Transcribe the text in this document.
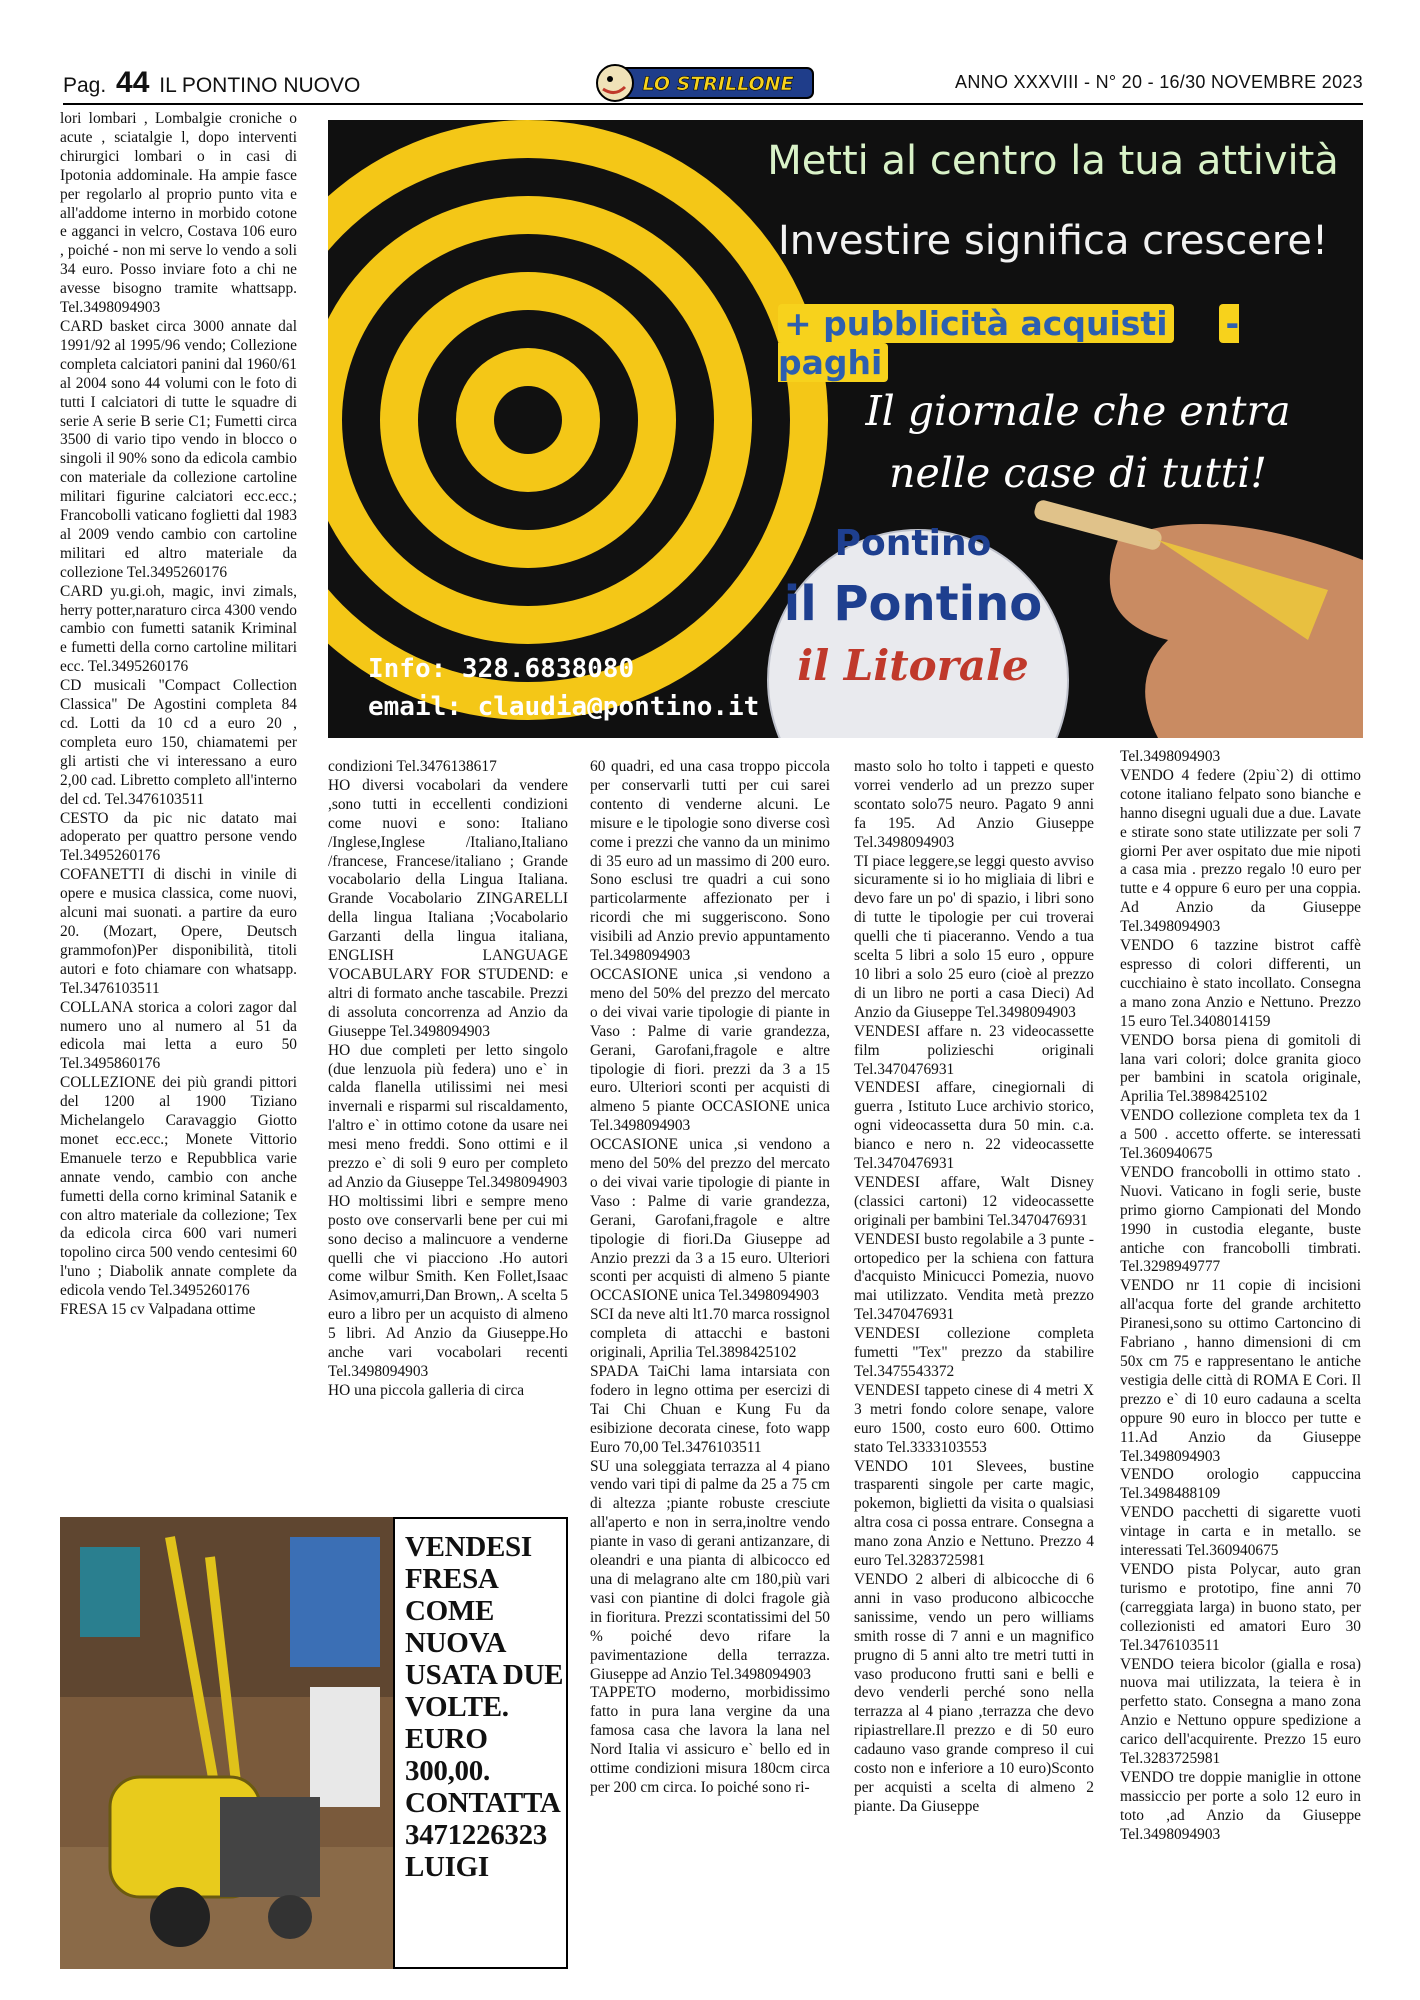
Pag. 44 IL PONTINO NUOVO	LO STRILLONE	ANNO XXXVIII - N° 20 - 16/30 NOVEMBRE 2023

lori lombari , Lombalgie croniche o acute , sciatalgie l, dopo interventi chirurgici lombari o in casi di Ipotonia addominale. Ha ampie fasce per regolarlo al proprio punto vita e all'addome interno in morbido cotone e agganci in velcro, Costava 106 euro , poiché - non mi serve lo vendo a soli 34 euro. Posso inviare foto a chi ne avesse bisogno tramite whattsapp. Tel.3498094903

CARD basket circa 3000 annate dal 1991/92 al 1995/96 vendo; Collezione completa calciatori panini dal 1960/61 al 2004 sono 44 volumi con le foto di tutti I calciatori di tutte le squadre di serie A serie B serie C1; Fumetti circa 3500 di vario tipo vendo in blocco o singoli il 90% sono da edicola cambio con materiale da collezione cartoline militari figurine calciatori ecc.ecc.; Francobolli vaticano foglietti dal 1983 al 2009 vendo cambio con cartoline militari ed altro materiale da collezione Tel.3495260176

CARD yu.gi.oh, magic, invi zimals, herry potter,naraturo circa 4300 vendo cambio con fumetti satanik Kriminal e fumetti della corno cartoline militari ecc. Tel.3495260176

CD musicali "Compact Collection Classica" De Agostini completa 84 cd. Lotti da 10 cd a euro 20 , completa euro 150, chiamatemi per gli artisti che vi interessano a euro 2,00 cad. Libretto completo all'interno del cd. Tel.3476103511

CESTO da pic nic datato mai adoperato per quattro persone vendo Tel.3495260176

COFANETTI di dischi in vinile di opere e musica classica, come nuovi, alcuni mai suonati. a partire da euro 20. (Mozart, Opere, Deutsch grammofon)Per disponibilità, titoli autori e foto chiamare con whatsapp. Tel.3476103511

COLLANA storica a colori zagor dal numero uno al numero al 51 da edicola mai letta a euro 50 Tel.3495860176

COLLEZIONE dei più grandi pittori del 1200 al 1900 Tiziano Michelangelo Caravaggio Giotto monet ecc.ecc.; Monete Vittorio Emanuele terzo e Repubblica varie annate vendo, cambio con anche fumetti della corno kriminal Satanik e con altro materiale da collezione; Tex da edicola circa 600 vari numeri topolino circa 500 vendo centesimi 60 l'uno ; Diabolik annate complete da edicola vendo Tel.3495260176

FRESA 15 cv Valpadana ottime

Pontino
il Pontino
il Litorale
Metti al centro la tua attività
Investire significa crescere!
+ pubblicità acquisti - paghi
Il giornale che entra
nelle case di tutti!
Info: 328.6838080
email: claudia@pontino.it

condizioni Tel.3476138617

HO diversi vocabolari da vendere ,sono tutti in eccellenti condizioni come nuovi e sono: Italiano /Inglese,Inglese /Italiano,Italiano /francese, Francese/italiano ; Grande vocabolario della Lingua Italiana. Grande Vocabolario ZINGARELLI della lingua Italiana ;Vocabolario Garzanti della lingua italiana, ENGLISH LANGUAGE VOCABULARY FOR STUDEND: e altri di formato anche tascabile. Prezzi di assoluta concorrenza ad Anzio da Giuseppe Tel.3498094903

HO due completi per letto singolo (due lenzuola più federa) uno e` in calda flanella utilissimi nei mesi invernali e risparmi sul riscaldamento, l'altro e` in ottimo cotone da usare nei mesi meno freddi. Sono ottimi e il prezzo e` di soli 9 euro per completo ad Anzio da Giuseppe Tel.3498094903

HO moltissimi libri e sempre meno posto ove conservarli bene per cui mi sono deciso a malincuore a venderne quelli che vi piacciono .Ho autori come wilbur Smith. Ken Follet,Isaac Asimov,amurri,Dan Brown,. A scelta 5 euro a libro per un acquisto di almeno 5 libri. Ad Anzio da Giuseppe.Ho anche vari vocabolari recenti Tel.3498094903

HO una piccola galleria di circa

60 quadri, ed una casa troppo piccola per conservarli tutti per cui sarei contento di venderne alcuni. Le misure e le tipologie sono diverse così come i prezzi che vanno da un minimo di 35 euro ad un massimo di 200 euro. Sono esclusi tre quadri a cui sono particolarmente affezionato per i ricordi che mi suggeriscono. Sono visibili ad Anzio previo appuntamento Tel.3498094903

OCCASIONE unica ,si vendono a meno del 50% del prezzo del mercato o dei vivai varie tipologie di piante in Vaso : Palme di varie grandezza, Gerani, Garofani,fragole e altre tipologie di fiori. prezzi da 3 a 15 euro. Ulteriori sconti per acquisti di almeno 5 piante OCCASIONE unica Tel.3498094903

OCCASIONE unica ,si vendono a meno del 50% del prezzo del mercato o dei vivai varie tipologie di piante in Vaso : Palme di varie grandezza, Gerani, Garofani,fragole e altre tipologie di fiori.Da Giuseppe ad Anzio prezzi da 3 a 15 euro. Ulteriori sconti per acquisti di almeno 5 piante OCCASIONE unica Tel.3498094903

SCI da neve alti lt1.70 marca rossignol completa di attacchi e bastoni originali, Aprilia Tel.3898425102

SPADA TaiChi lama intarsiata con fodero in legno ottima per esercizi di Tai Chi Chuan e Kung Fu da esibizione decorata cinese, foto wapp Euro 70,00 Tel.3476103511

SU una soleggiata terrazza al 4 piano vendo vari tipi di palme da 25 a 75 cm di altezza ;piante robuste cresciute all'aperto e non in serra,inoltre vendo piante in vaso di gerani antizanzare, di oleandri e una pianta di albicocco ed una di melagrano alte cm 180,più vari vasi con piantine di dolci fragole già in fioritura. Prezzi scontatissimi del 50 % poiché devo rifare la pavimentazione della terrazza. Giuseppe ad Anzio Tel.3498094903

TAPPETO moderno, morbidissimo fatto in pura lana vergine da una famosa casa che lavora la lana nel Nord Italia vi assicuro e` bello ed in ottime condizioni misura 180cm circa per 200 cm circa. Io poiché sono ri-

masto solo ho tolto i tappeti e questo vorrei venderlo ad un prezzo super scontato solo75 neuro. Pagato 9 anni fa 195. Ad Anzio Giuseppe Tel.3498094903

TI piace leggere,se leggi questo avviso sicuramente si io ho migliaia di libri e devo fare un po' di spazio, i libri sono di tutte le tipologie per cui troverai quelli che ti piaceranno. Vendo a tua scelta 5 libri a solo 15 euro , oppure 10 libri a solo 25 euro (cioè al prezzo di un libro ne porti a casa Dieci) Ad Anzio da Giuseppe Tel.3498094903

VENDESI affare n. 23 videocassette film polizieschi originali Tel.3470476931

VENDESI affare, cinegiornali di guerra , Istituto Luce archivio storico, ogni videocassetta dura 50 min. c.a. bianco e nero n. 22 videocassette Tel.3470476931

VENDESI affare, Walt Disney (classici cartoni) 12 videocassette originali per bambini Tel.3470476931

VENDESI busto regolabile a 3 punte - ortopedico per la schiena con fattura d'acquisto Minicucci Pomezia, nuovo mai utilizzato. Vendita metà prezzo Tel.3470476931

VENDESI collezione completa fumetti "Tex" prezzo da stabilire Tel.3475543372

VENDESI tappeto cinese di 4 metri X 3 metri fondo colore senape, valore euro 1500, costo euro 600. Ottimo stato Tel.3333103553

VENDO 101 Slevees, bustine trasparenti singole per carte magic, pokemon, biglietti da visita o qualsiasi altra cosa ci possa entrare. Consegna a mano zona Anzio e Nettuno. Prezzo 4 euro Tel.3283725981

VENDO 2 alberi di albicocche di 6 anni in vaso producono albicocche sanissime, vendo un pero williams smith rosse di 7 anni e un magnifico prugno di 5 anni alto tre metri tutti in vaso producono frutti sani e belli e devo venderli perché sono nella terrazza al 4 piano ,terrazza che devo ripiastrellare.Il prezzo e di 50 euro cadauno vaso grande compreso il cui costo non e inferiore a 10 euro)Sconto per acquisti a scelta di almeno 2 piante. Da Giuseppe

Tel.3498094903

VENDO 4 federe (2piu`2) di ottimo cotone italiano felpato sono bianche e hanno disegni uguali due a due. Lavate e stirate sono state utilizzate per soli 7 giorni Per aver ospitato due mie nipoti a casa mia . prezzo regalo !0 euro per tutte e 4 oppure 6 euro per una coppia. Ad Anzio da Giuseppe Tel.3498094903

VENDO 6 tazzine bistrot caffè espresso di colori differenti, un cucchiaino è stato incollato. Consegna a mano zona Anzio e Nettuno. Prezzo 15 euro Tel.3408014159

VENDO borsa piena di gomitoli di lana vari colori; dolce granita gioco per bambini in scatola originale, Aprilia Tel.3898425102

VENDO collezione completa tex da 1 a 500 . accetto offerte. se interessati Tel.360940675

VENDO francobolli in ottimo stato . Nuovi. Vaticano in fogli serie, buste primo giorno Campionati del Mondo 1990 in custodia elegante, buste antiche con francobolli timbrati. Tel.3298949777

VENDO nr 11 copie di incisioni all'acqua forte del grande architetto Piranesi,sono su ottimo Cartoncino di Fabriano , hanno dimensioni di cm 50x cm 75 e rappresentano le antiche vestigia delle città di ROMA E Cori. Il prezzo e` di 10 euro cadauna a scelta oppure 90 euro in blocco per tutte e 11.Ad Anzio da Giuseppe Tel.3498094903

VENDO orologio cappuccina Tel.3498488109

VENDO pacchetti di sigarette vuoti vintage in carta e in metallo. se interessati Tel.360940675

VENDO pista Polycar, auto gran turismo e prototipo, fine anni 70 (carreggiata larga) in buono stato, per collezionisti ed amatori Euro 30 Tel.3476103511

VENDO teiera bicolor (gialla e rosa) nuova mai utilizzata, la teiera è in perfetto stato. Consegna a mano zona Anzio e Nettuno oppure spedizione a carico dell'acquirente. Prezzo 15 euro Tel.3283725981

VENDO tre doppie maniglie in ottone massiccio per porte a solo 12 euro in toto ,ad Anzio da Giuseppe Tel.3498094903

VENDESI FRESA COME NUOVA USATA DUE VOLTE. EURO 300,00. CONTATTA 3471226323 LUIGI
